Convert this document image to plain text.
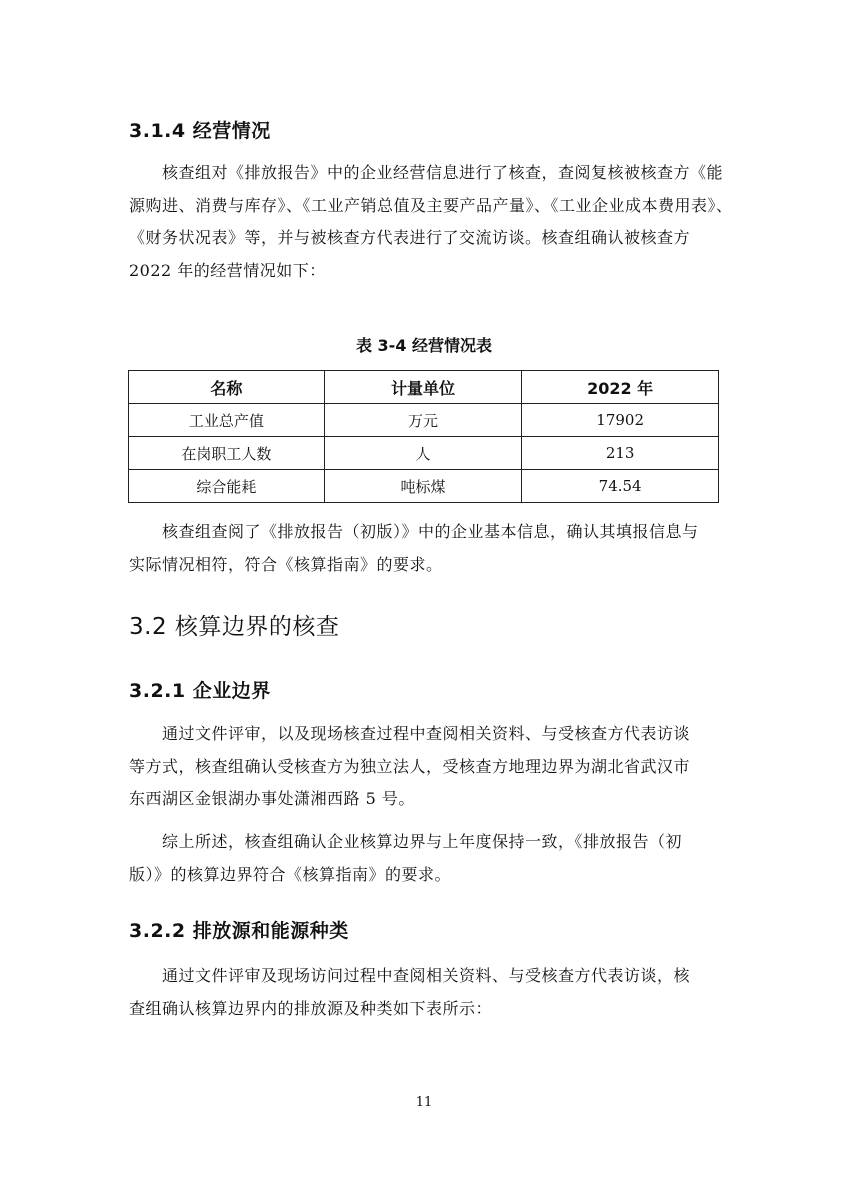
3.1.4 经营情况
核查组对《排放报告》中的企业经营信息进行了核查，查阅复核被核查方《能
源购进、消费与库存》、《工业产销总值及主要产品产量》、《工业企业成本费用表》、
《财务状况表》等，并与被核查方代表进行了交流访谈。核查组确认被核查方
2022 年的经营情况如下：
表 3-4 经营情况表
名称	计量单位	2022 年
工业总产值	万元	17902
在岗职工人数	人	213
综合能耗	吨标煤	74.54
核查组查阅了《排放报告（初版）》中的企业基本信息，确认其填报信息与
实际情况相符，符合《核算指南》的要求。
3.2 核算边界的核查
3.2.1 企业边界
通过文件评审，以及现场核查过程中查阅相关资料、与受核查方代表访谈
等方式，核查组确认受核查方为独立法人，受核查方地理边界为湖北省武汉市
东西湖区金银湖办事处潇湘西路 5 号。
综上所述，核查组确认企业核算边界与上年度保持一致，《排放报告（初
版）》的核算边界符合《核算指南》的要求。
3.2.2 排放源和能源种类
通过文件评审及现场访问过程中查阅相关资料、与受核查方代表访谈，核
查组确认核算边界内的排放源及种类如下表所示：
11
